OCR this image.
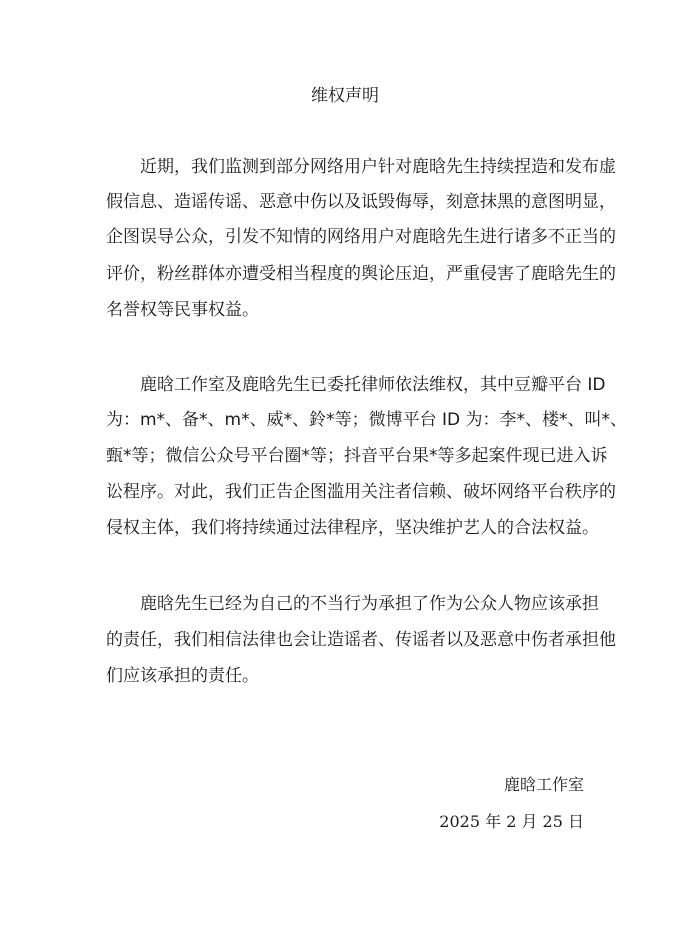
维权声明
近期，我们监测到部分网络用户针对鹿晗先生持续捏造和发布虚
假信息、造谣传谣、恶意中伤以及诋毁侮辱，刻意抹黑的意图明显，
企图误导公众，引发不知情的网络用户对鹿晗先生进行诸多不正当的
评价，粉丝群体亦遭受相当程度的舆论压迫，严重侵害了鹿晗先生的
名誉权等民事权益。
鹿晗工作室及鹿晗先生已委托律师依法维权，其中豆瓣平台 ID
为：m*、备*、m*、威*、鈴*等；微博平台 ID 为：李*、楼*、叫*、
甄*等；微信公众号平台圈*等；抖音平台果*等多起案件现已进入诉
讼程序。对此，我们正告企图滥用关注者信赖、破坏网络平台秩序的
侵权主体，我们将持续通过法律程序，坚决维护艺人的合法权益。
鹿晗先生已经为自己的不当行为承担了作为公众人物应该承担
的责任，我们相信法律也会让造谣者、传谣者以及恶意中伤者承担他
们应该承担的责任。
鹿晗工作室
2025 年 2 月 25 日
